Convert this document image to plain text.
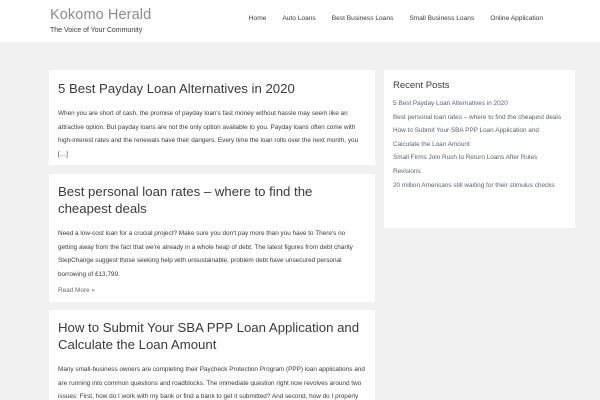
Kokomo Herald
The Voice of Your Community
Home Auto Loans Best Business Loans Small Business Loans Online Application
5 Best Payday Loan Alternatives in 2020

When you are short of cash, the promise of payday loan's fast money without hassle may seem like an attractive option. But payday loans are not the only option available to you. Payday loans often come with high-interest rates and the renewals have their dangers. Every time the loan rolls over the next month, you […]

Best personal loan rates – where to find the cheapest deals

Need a low-cost loan for a crucial project? Make sure you don't pay more than you have to There's no getting away from the fact that we're already in a whole heap of debt. The latest figures from debt charity StepChange suggest those seeking help with unsustainable, problem debt have unsecured personal borrowing of £13,799.

Read More »
How to Submit Your SBA PPP Loan Application and Calculate the Loan Amount

Many small-business owners are completing their Paycheck Protection Program (PPP) loan applications and are running into common questions and roadblocks. The immediate question right now revolves around two issues: First, how do I work with my bank or find a bank to get it submitted? And second, how do I properly

Recent Posts
5 Best Payday Loan Alternatives in 2020
Best personal loan rates – where to find the cheapest deals
How to Submit Your SBA PPP Loan Application and Calculate the Loan Amount
Small Firms Join Rush to Return Loans After Rules Revisions
20 million Americans still waiting for their stimulus checks
